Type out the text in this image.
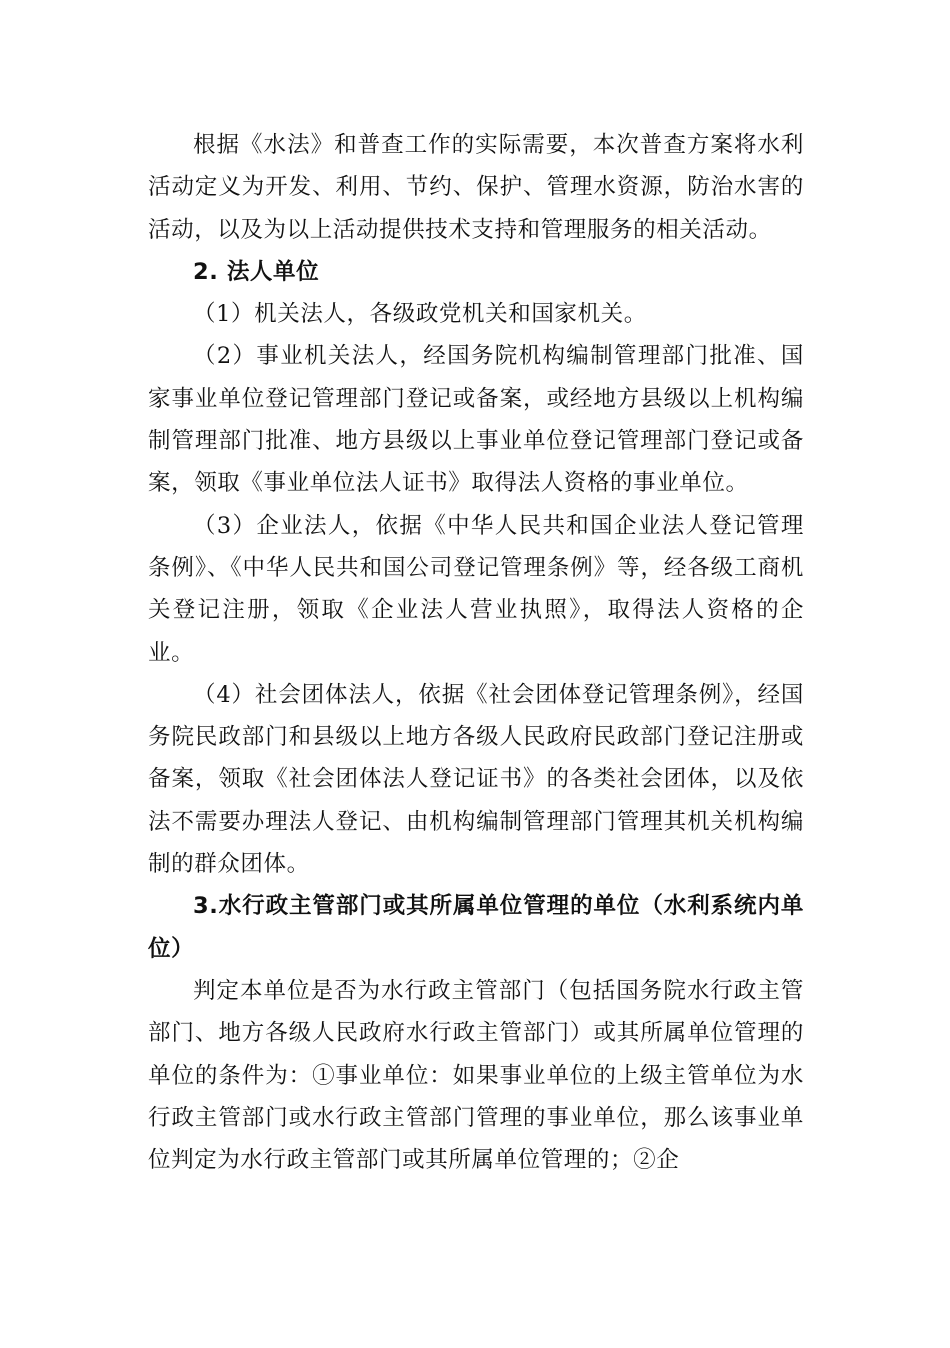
根据《水法》和普查工作的实际需要，本次普查方案将水利活动定义为开发、利用、节约、保护、管理水资源，防治水害的活动，以及为以上活动提供技术支持和管理服务的相关活动。

2. 法人单位

（1）机关法人，各级政党机关和国家机关。

（2）事业机关法人，经国务院机构编制管理部门批准、国家事业单位登记管理部门登记或备案，或经地方县级以上机构编制管理部门批准、地方县级以上事业单位登记管理部门登记或备案，领取《事业单位法人证书》取得法人资格的事业单位。

（3）企业法人，依据《中华人民共和国企业法人登记管理条例》、《中华人民共和国公司登记管理条例》等，经各级工商机关登记注册，领取《企业法人营业执照》，取得法人资格的企业。

（4）社会团体法人，依据《社会团体登记管理条例》，经国务院民政部门和县级以上地方各级人民政府民政部门登记注册或备案，领取《社会团体法人登记证书》的各类社会团体，以及依法不需要办理法人登记、由机构编制管理部门管理其机关机构编制的群众团体。

3.水行政主管部门或其所属单位管理的单位（水利系统内单位）

判定本单位是否为水行政主管部门（包括国务院水行政主管部门、地方各级人民政府水行政主管部门）或其所属单位管理的单位的条件为：①事业单位：如果事业单位的上级主管单位为水行政主管部门或水行政主管部门管理的事业单位，那么该事业单位判定为水行政主管部门或其所属单位管理的；②企
